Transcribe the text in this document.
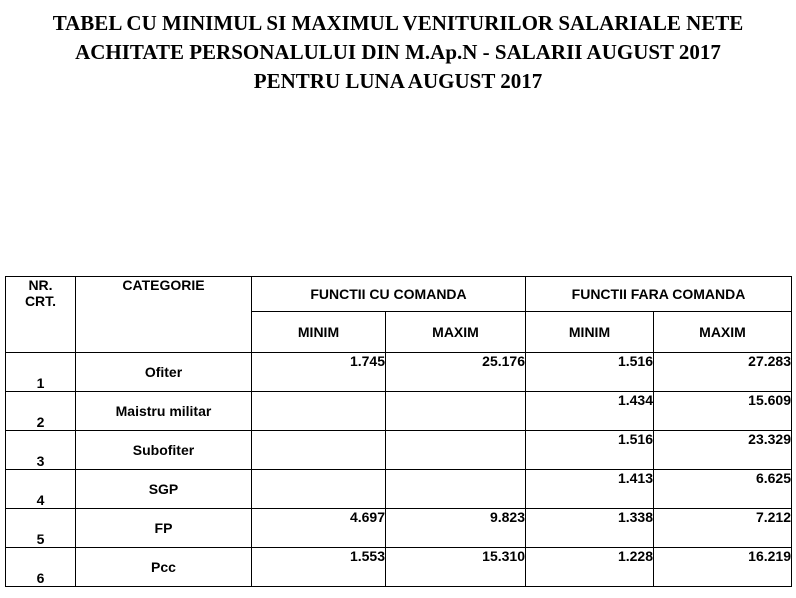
TABEL CU MINIMUL SI MAXIMUL VENITURILOR SALARIALE NETE
ACHITATE PERSONALULUI DIN M.Ap.N - SALARII AUGUST 2017
PENTRU LUNA AUGUST 2017
NR.
CRT.	CATEGORIE	FUNCTII CU COMANDA		FUNCTII FARA COMANDA	
		MINIM	MAXIM	MINIM	MAXIM
1	Ofiter	1.745	25.176	1.516	27.283
2	Maistru militar			1.434	15.609
3	Subofiter			1.516	23.329
4	SGP			1.413	6.625
5	FP	4.697	9.823	1.338	7.212
6	Pcc	1.553	15.310	1.228	16.219
